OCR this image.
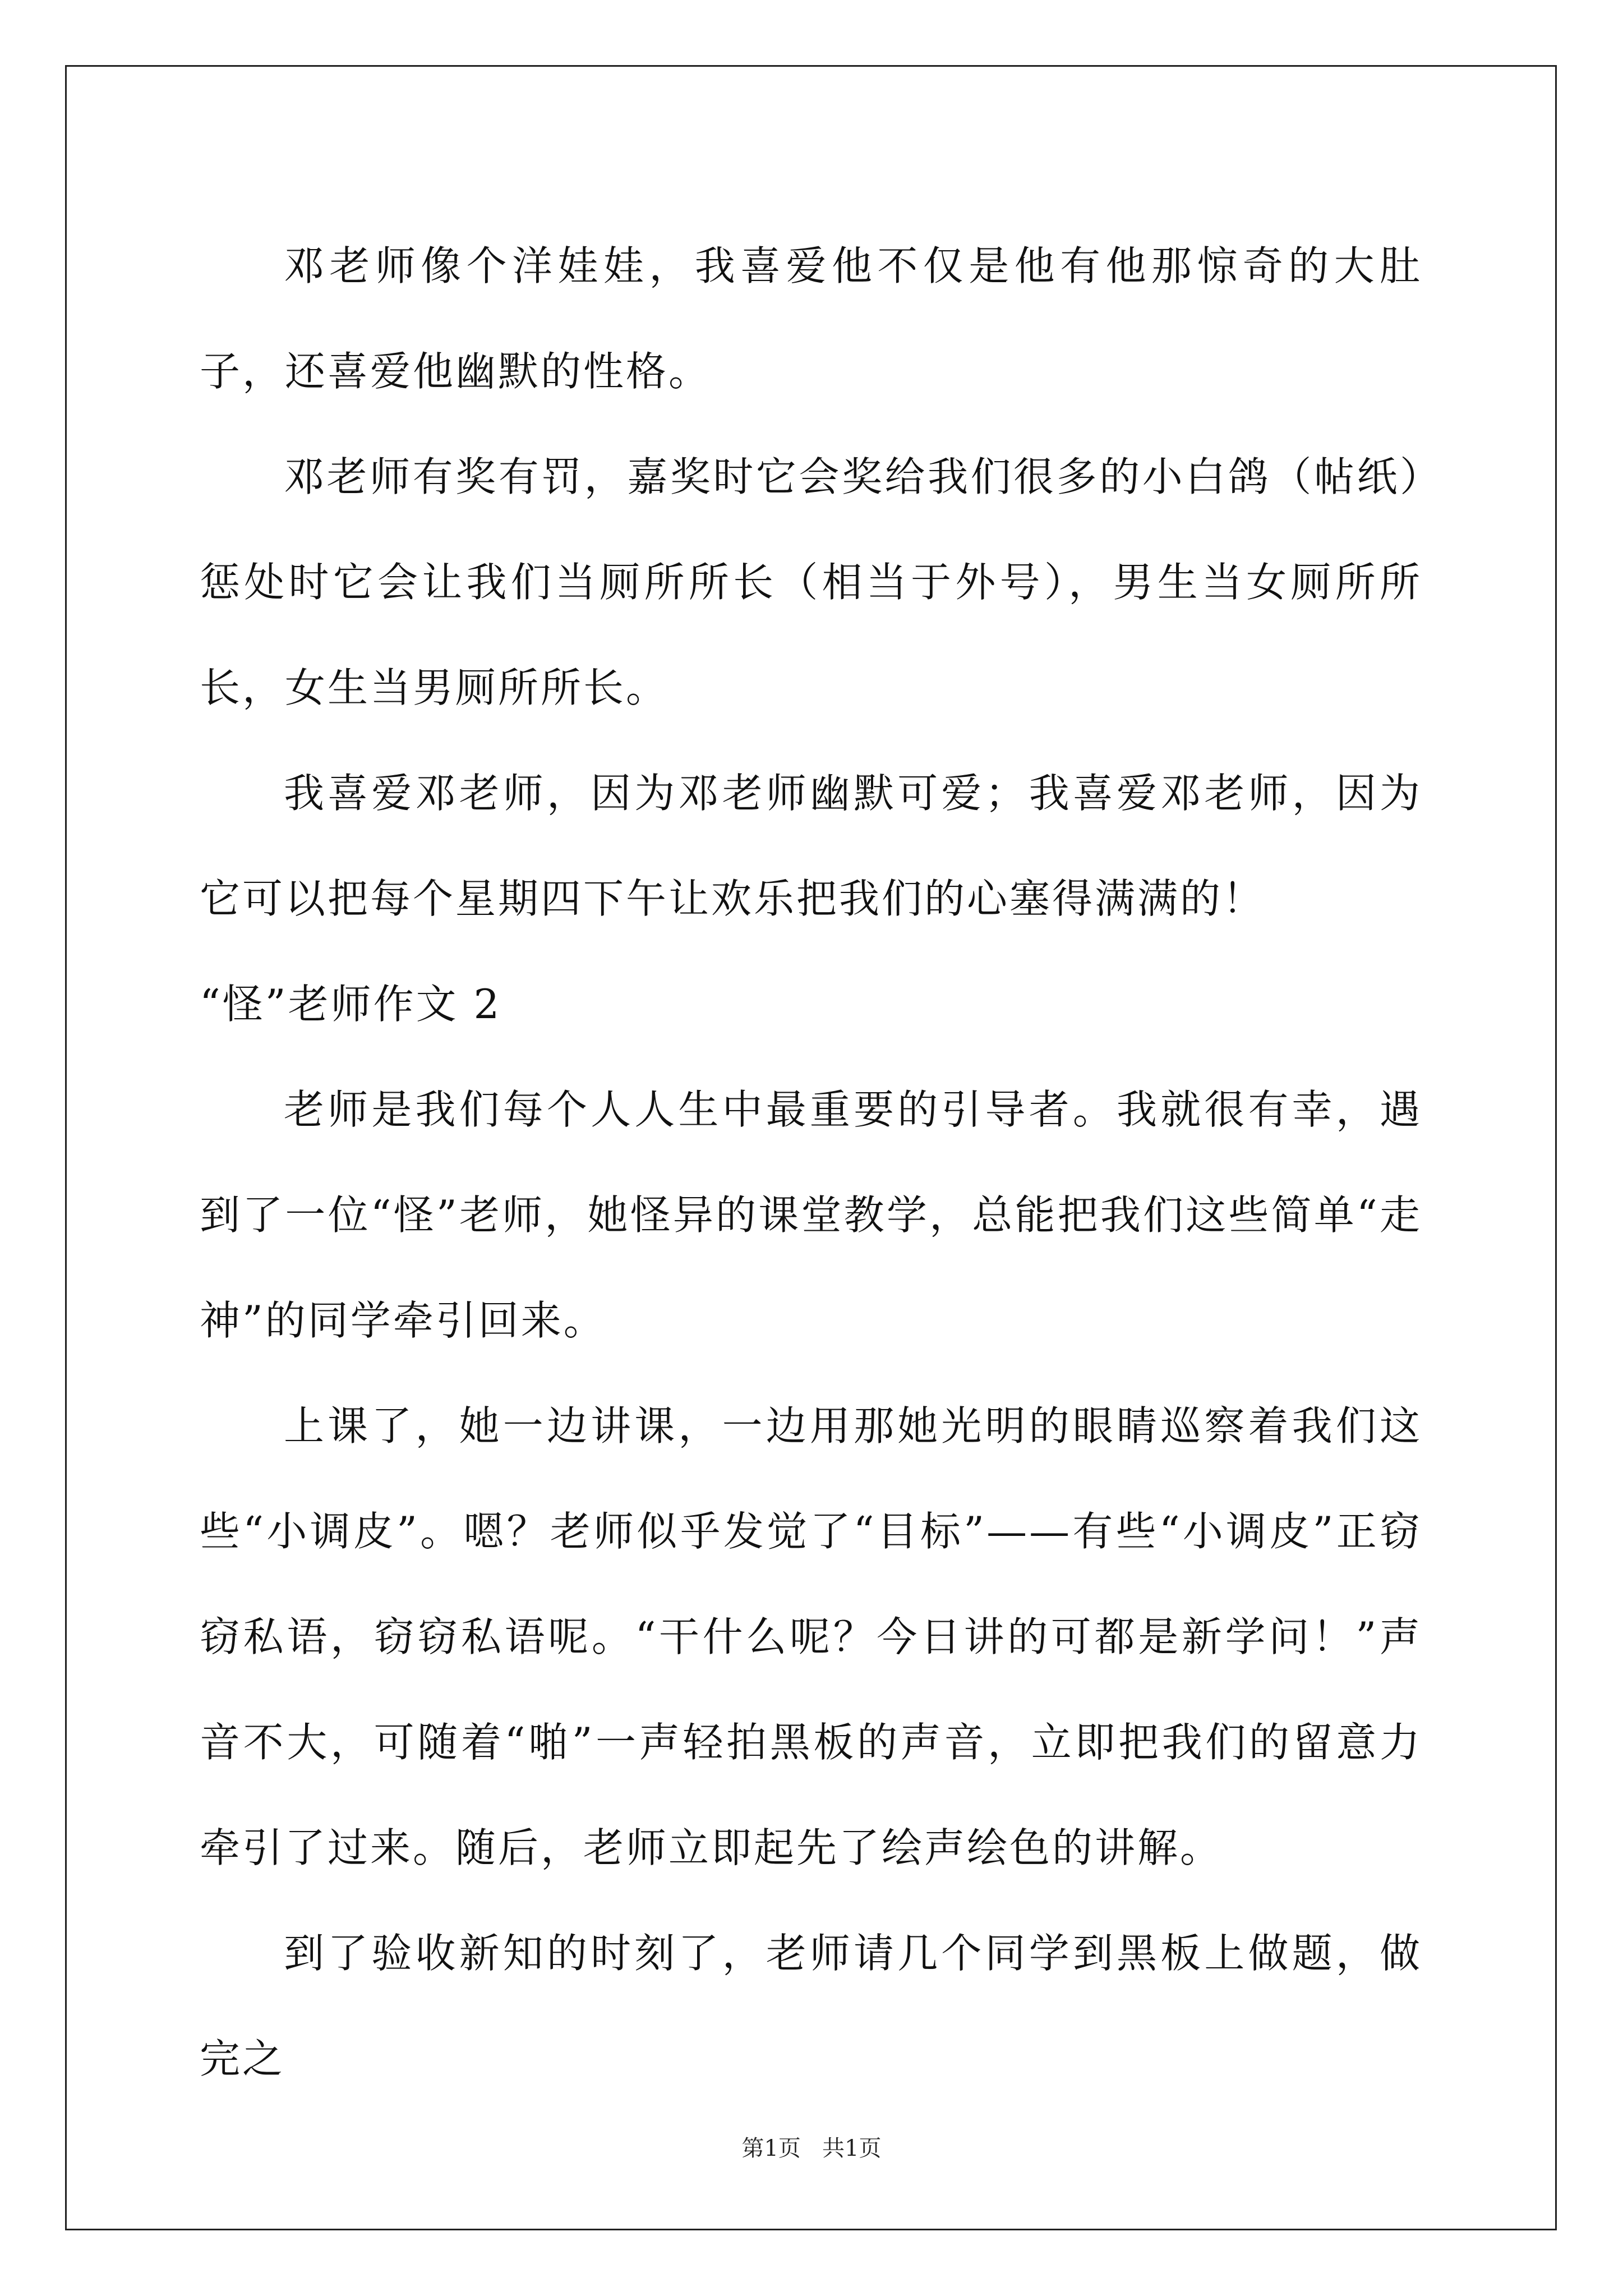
邓老师像个洋娃娃，我喜爱他不仅是他有他那惊奇的大肚子，还喜爱他幽默的性格。

邓老师有奖有罚，嘉奖时它会奖给我们很多的小白鸽（帖纸）惩处时它会让我们当厕所所长（相当于外号），男生当女厕所所长，女生当男厕所所长。

我喜爱邓老师，因为邓老师幽默可爱；我喜爱邓老师，因为它可以把每个星期四下午让欢乐把我们的心塞得满满的！

“怪”老师作文 2

老师是我们每个人人生中最重要的引导者。我就很有幸，遇到了一位“怪”老师，她怪异的课堂教学，总能把我们这些简单“走神”的同学牵引回来。

上课了，她一边讲课，一边用那她光明的眼睛巡察着我们这些“小调皮”。嗯？老师似乎发觉了“目标”——有些“小调皮”正窃窃私语，窃窃私语呢。“干什么呢？今日讲的可都是新学问！”声音不大，可随着“啪”一声轻拍黑板的声音，立即把我们的留意力牵引了过来。随后，老师立即起先了绘声绘色的讲解。

到了验收新知的时刻了，老师请几个同学到黑板上做题，做完之

第1页   共1页
